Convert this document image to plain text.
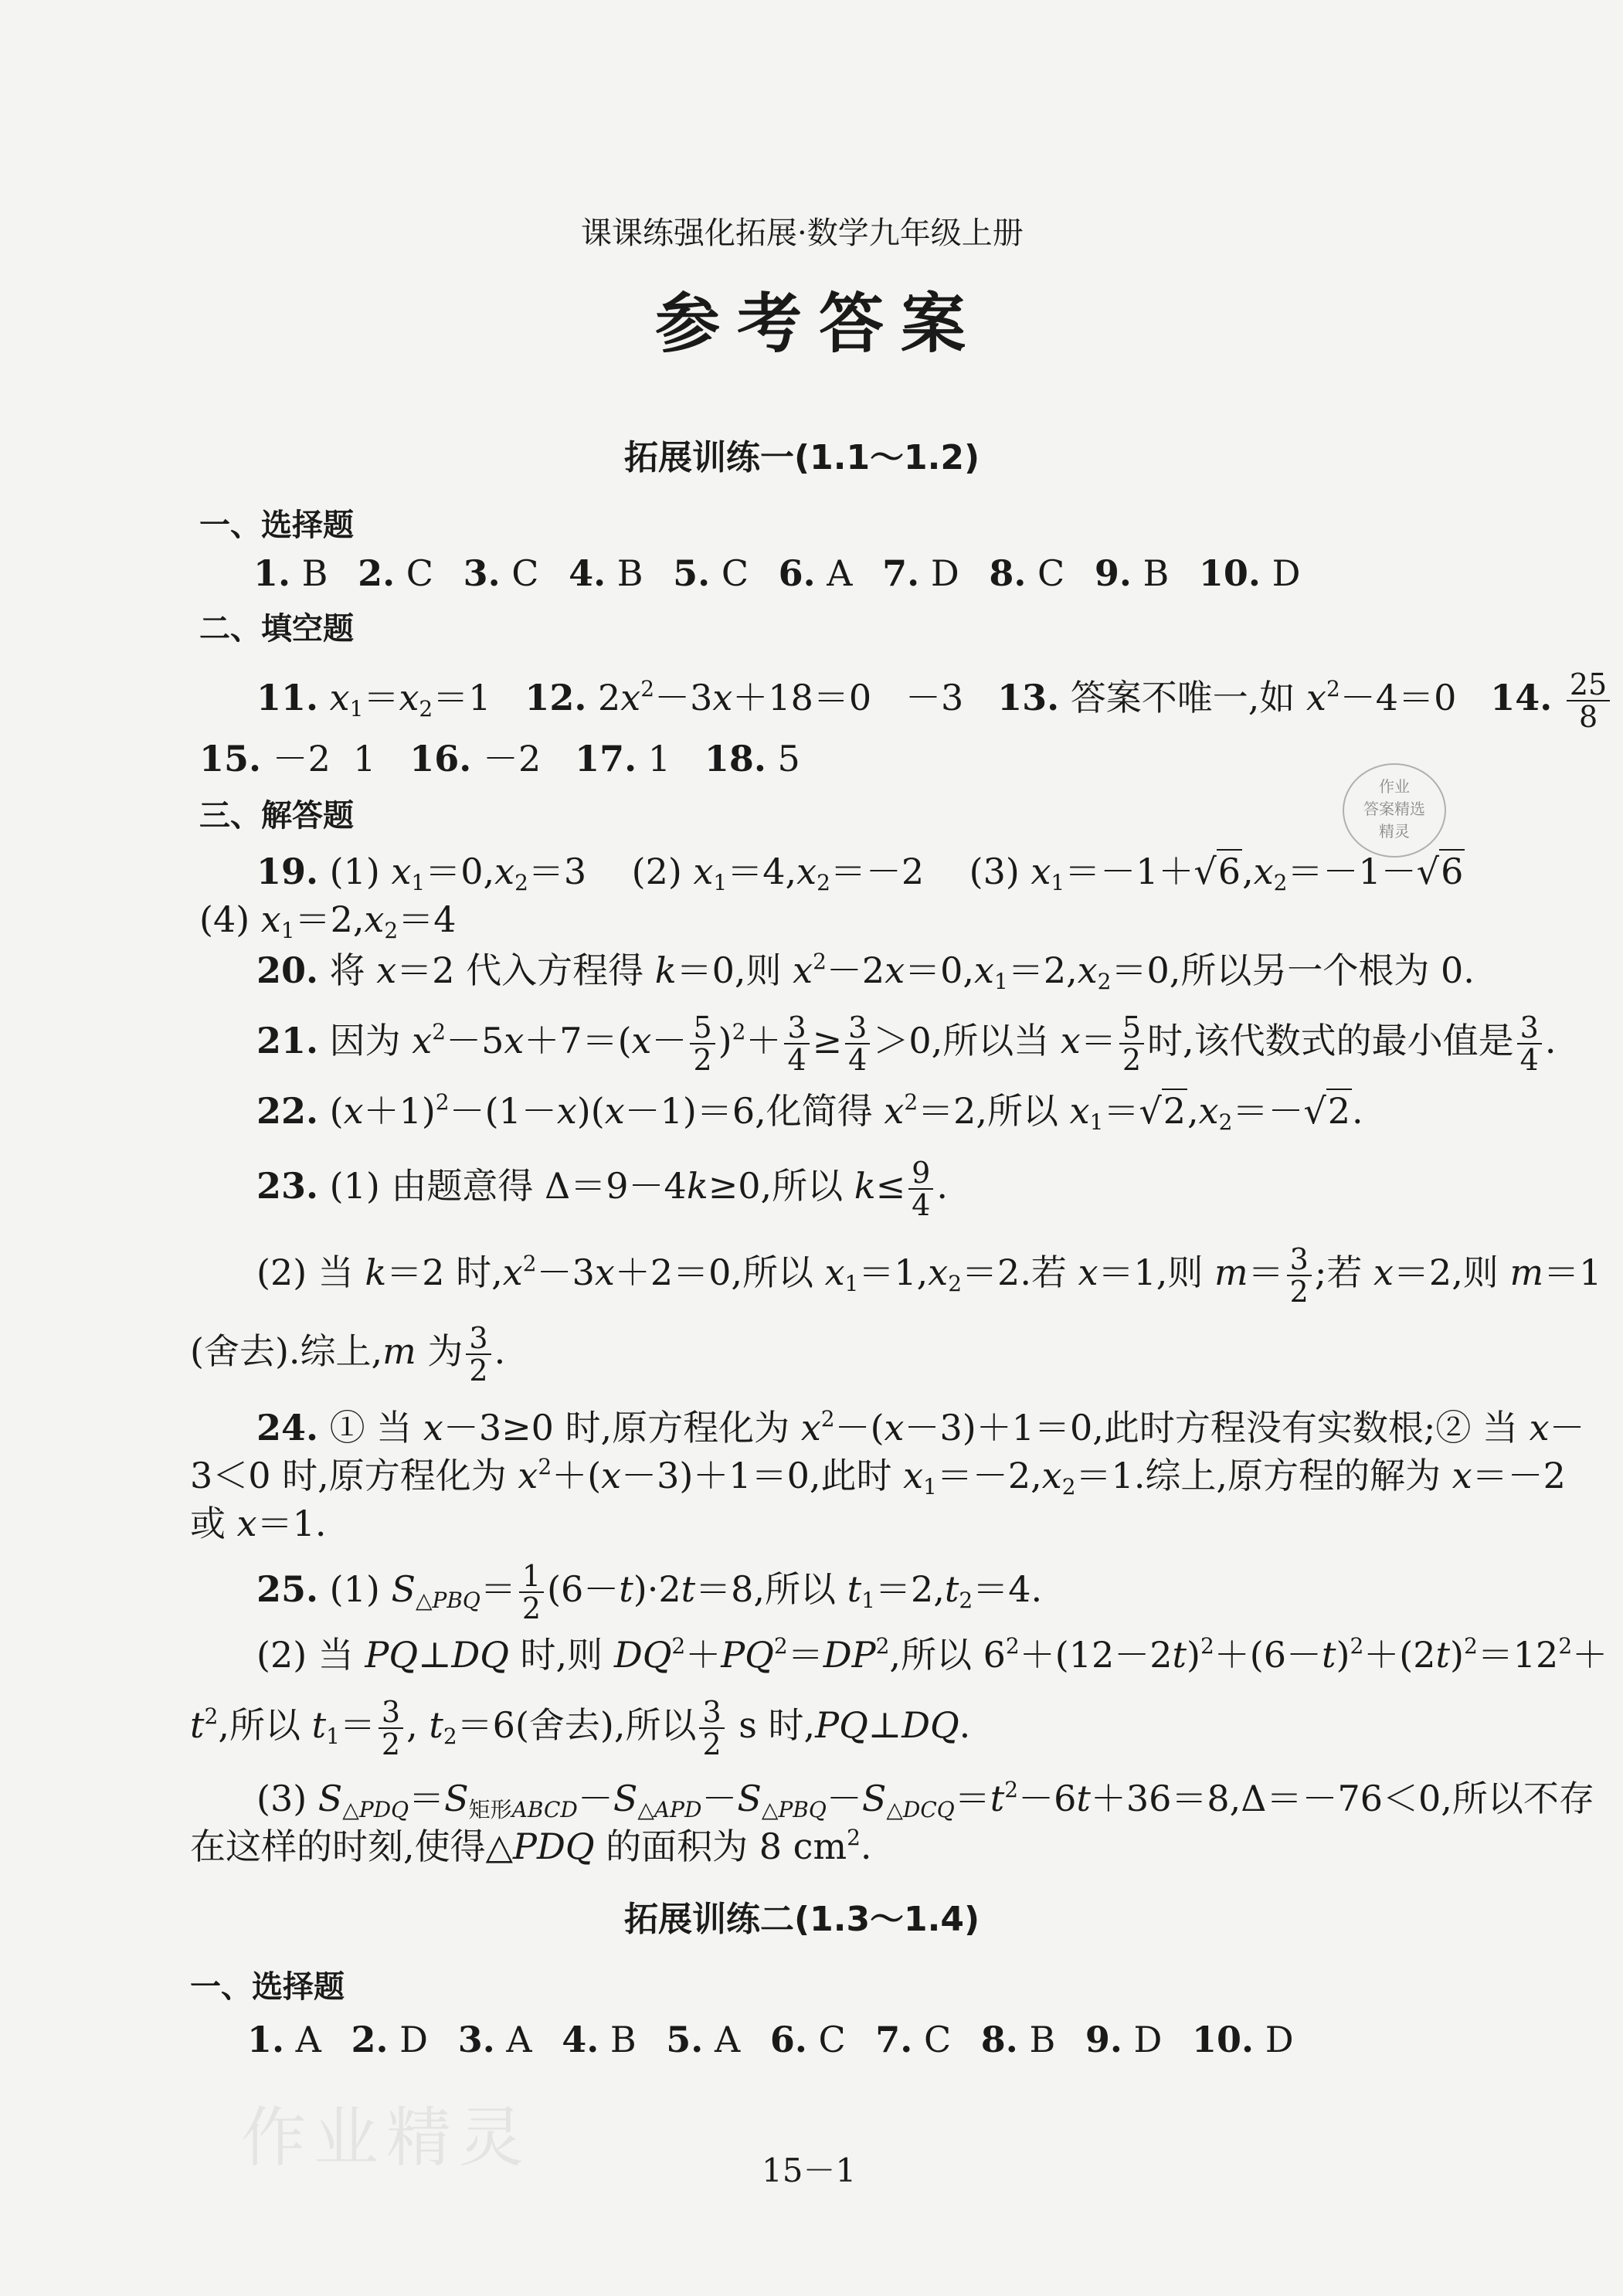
课课练强化拓展·数学九年级上册
参考答案
拓展训练一(1.1～1.2)
一、选择题
1. B 2. C 3. C 4. B 5. C 6. A 7. D 8. C 9. B 10. D
二、填空题
11. $x_1=x_2=1$   12. $2x^2-3x+18=0 -3$   13. 答案不唯一,如 $x^2-4=0$   14. $\frac{25}{8}$
15. －2  1   16. －2   17. 1   18. 5
作业
答案精选
精灵
三、解答题
19. (1) $x_1=0,x_2=3$    (2) $x_1=4,x_2=-2$    (3) $x_1=-1+√6,x_2=-1-√6$
(4) $x_1=2,x_2=4$
20. 将 x＝2 代入方程得 k＝0,则 $x^2-2x=0,x_1=2,x_2=0$,所以另一个根为 0.
21. 因为 $x^2-5x+7=(x- \frac{5}{2} )^2+ \frac{3}{4} \ge \frac{3}{4} >0$,所以当 $x= \frac{5}{2}$ 时,该代数式的最小值是 $\frac{3}{4}$ .
22. $(x+1)^2-(1-x)(x-1)=6$,化简得 $x^2=2$,所以 $x_1=√2,x_2=-√2$.
23. (1) 由题意得 Δ＝9－4k≥0,所以 $k\le \frac{9}{4}$ .
(2) 当 k＝2 时$,x^2-3x+2=0$,所以 $x_1=1,x_2=2$.若 x＝1,则 $m= \frac{3}{2}$ ;若 x＝2,则 m＝1
(舍去).综上,m 为 $\frac{3}{2}$ .
24. ① 当 x－3≥0 时,原方程化为 $x^2-(x-3)+1=0$,此时方程没有实数根;② 当 x－
3＜0 时,原方程化为 $x^2+(x-3)+1=0$,此时 $x_1=-2,x_2=1$.综上,原方程的解为 x＝－2
或 x＝1.
25. (1) $S_{\triangle PBQ}= \frac{1}{2} (6-t)\cdot 2t=8$,所以 $t_1=2,t_2=4$.
(2) 当 PQ⊥DQ 时,则 $DQ^2+PQ^2=DP^2$,所以 $6^2+(12-2t)^2+(6-t)^2+(2t)^2=12^2+$
$t^2$,所以 $t_1= \frac{3}{2}$ , $t_2=6$(舍去),所以 $\frac{3}{2}$ s 时,PQ⊥DQ.
(3) $S_{\triangle PDQ}=S_{矩形ABCD}-S_{\triangle APD}-S_{\triangle PBQ}-S_{\triangle DCQ}=t^2-6t+36=8,\Delta=-76<0$,所以不存
在这样的时刻,使得△PDQ 的面积为 8 $cm^2$.
拓展训练二(1.3～1.4)
一、选择题
1. A 2. D 3. A 4. B 5. A 6. C 7. C 8. B 9. D 10. D
作业精灵	15－1
